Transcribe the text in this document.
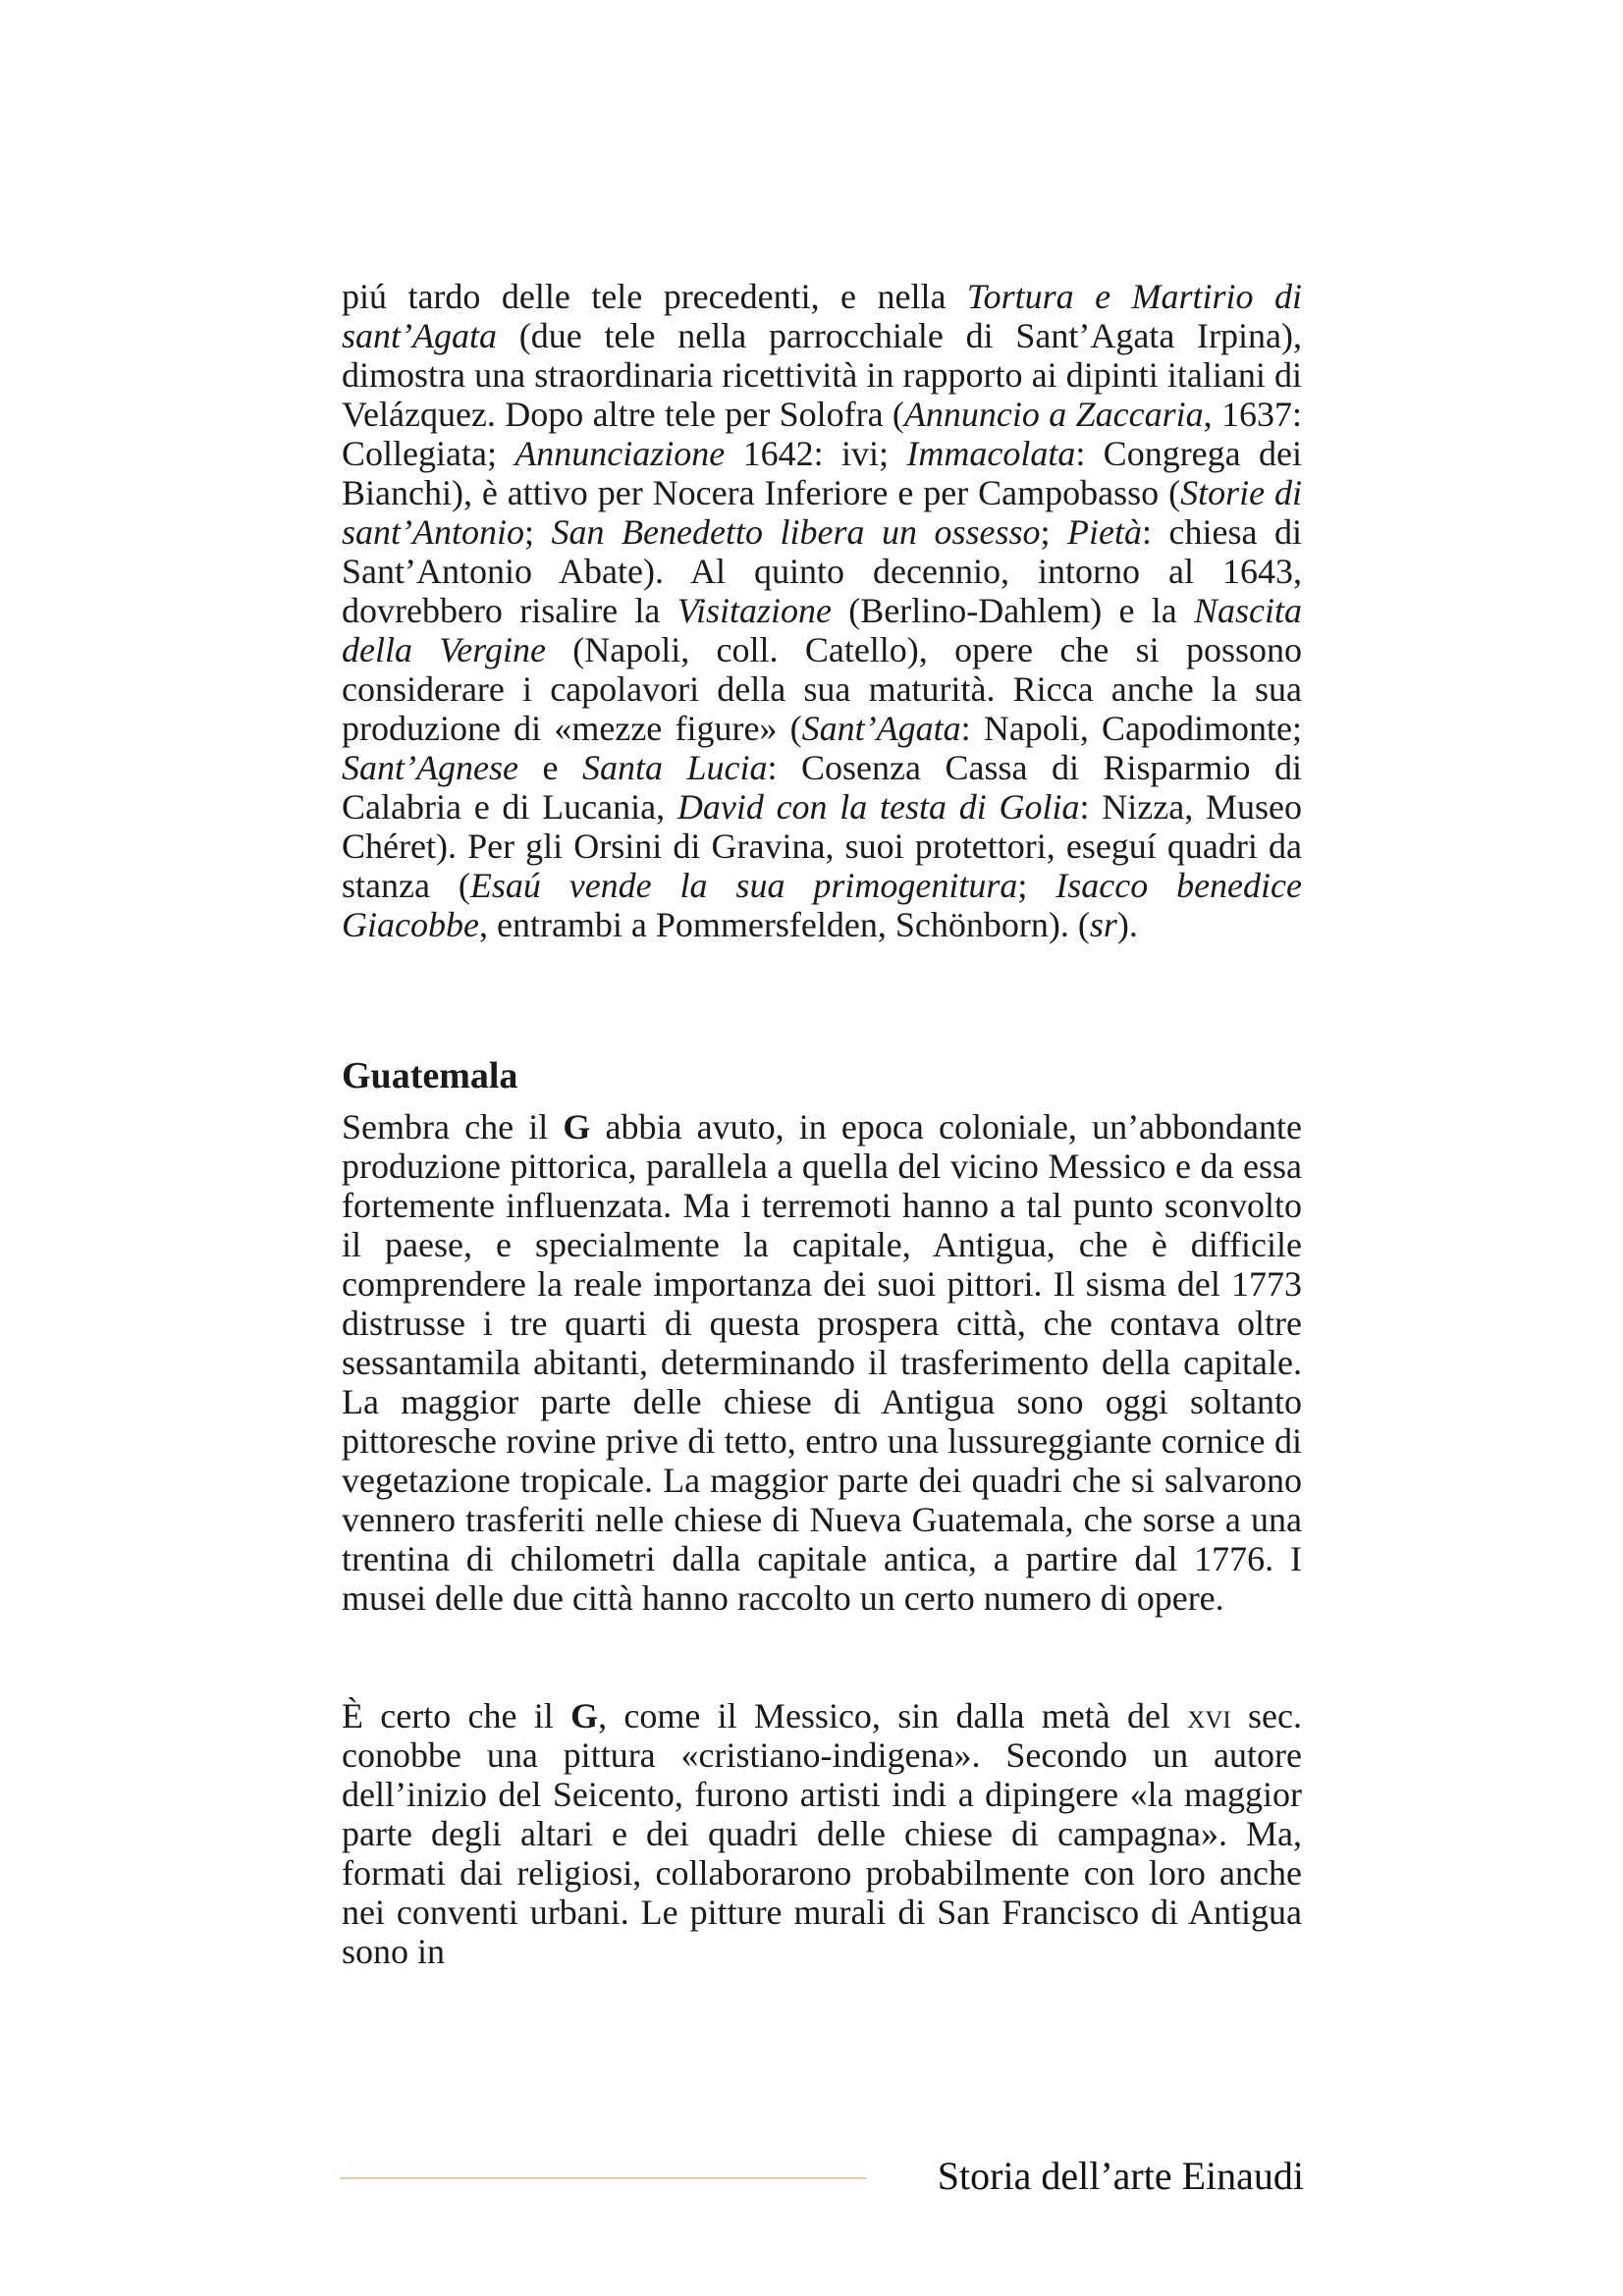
piú tardo delle tele precedenti, e nella Tortura e Martirio di sant’Agata (due tele nella parrocchiale di Sant’Agata Irpina), dimostra una straordinaria ricettività in rapporto ai dipinti italiani di Velázquez. Dopo altre tele per Solofra (Annuncio a Zaccaria, 1637: Collegiata; Annunciazione 1642: ivi; Immacolata: Congrega dei Bianchi), è attivo per Nocera Inferiore e per Campobasso (Storie di sant’Antonio; San Benedetto libera un ossesso; Pietà: chiesa di Sant’Antonio Abate). Al quinto decennio, intorno al 1643, dovrebbero risalire la Visitazione (Berlino-Dahlem) e la Nascita della Vergine (Napoli, coll. Catello), opere che si possono considerare i capolavori della sua maturità. Ricca anche la sua produzione di «mezze figure» (Sant’Agata: Napoli, Capodimonte; Sant’Agnese e Santa Lucia: Cosenza Cassa di Risparmio di Calabria e di Lucania, David con la testa di Golia: Nizza, Museo Chéret). Per gli Orsini di Gravina, suoi protettori, eseguí quadri da stanza (Esaú vende la sua primogenitura; Isacco benedice Giacobbe, entrambi a Pommersfelden, Schönborn). (sr).

Guatemala

Sembra che il G abbia avuto, in epoca coloniale, un’abbondante produzione pittorica, parallela a quella del vicino Messico e da essa fortemente influenzata. Ma i terremoti hanno a tal punto sconvolto il paese, e specialmente la capitale, Antigua, che è difficile comprendere la reale importanza dei suoi pittori. Il sisma del 1773 distrusse i tre quarti di questa prospera città, che contava oltre sessantamila abitanti, determinando il trasferimento della capitale. La maggior parte delle chiese di Antigua sono oggi soltanto pittoresche rovine prive di tetto, entro una lussureggiante cornice di vegetazione tropicale. La maggior parte dei quadri che si salvarono vennero trasferiti nelle chiese di Nueva Guatemala, che sorse a una trentina di chilometri dalla capitale antica, a partire dal 1776. I musei delle due città hanno raccolto un certo numero di opere.

È certo che il G, come il Messico, sin dalla metà del xvi sec. conobbe una pittura «cristiano-indigena». Secondo un autore dell’inizio del Seicento, furono artisti indi a dipingere «la maggior parte degli altari e dei quadri delle chiese di campagna». Ma, formati dai religiosi, collaborarono probabilmente con loro anche nei conventi urbani. Le pitture murali di San Francisco di Antigua sono in

Storia dell’arte Einaudi
